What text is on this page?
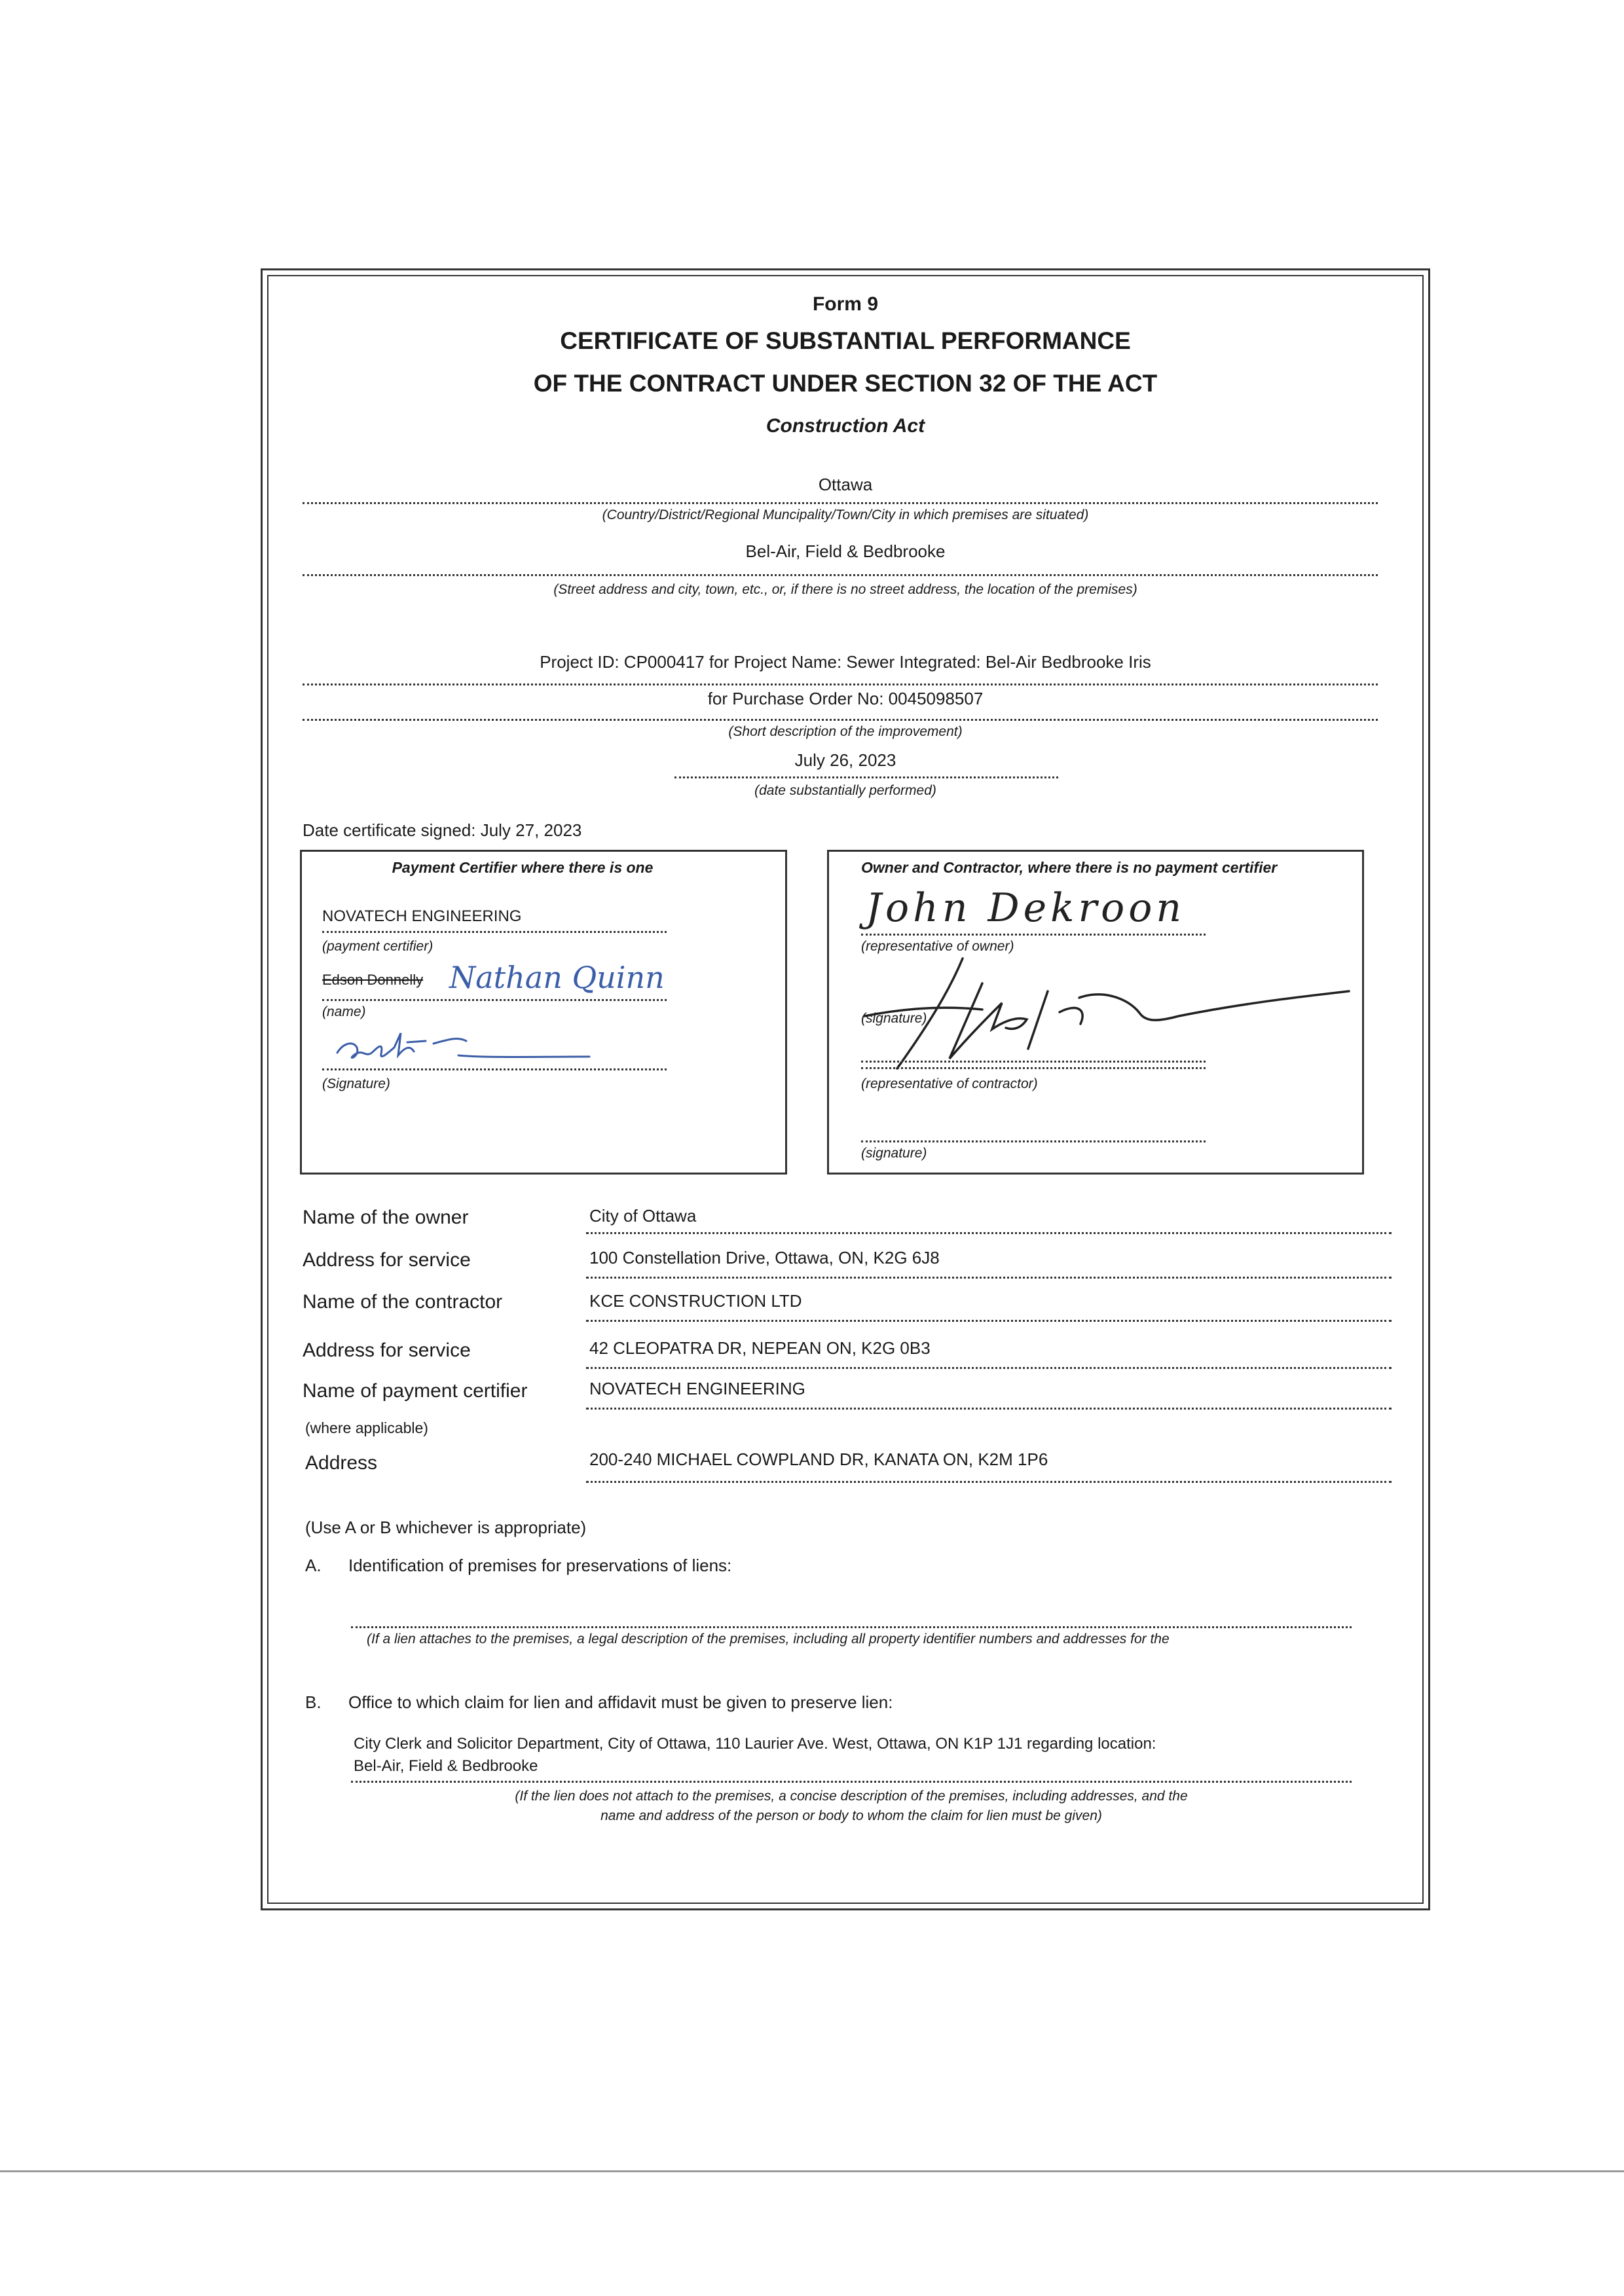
Form 9
CERTIFICATE OF SUBSTANTIAL PERFORMANCE
OF THE CONTRACT UNDER SECTION 32 OF THE ACT
Construction Act
Ottawa
(Country/District/Regional Muncipality/Town/City in which premises are situated)
Bel-Air, Field & Bedbrooke
(Street address and city, town, etc., or, if there is no street address, the location of the premises)
Project ID: CP000417 for Project Name: Sewer Integrated: Bel-Air Bedbrooke Iris
for Purchase Order No: 0045098507
(Short description of the improvement)
July 26, 2023
(date substantially performed)
Date certificate signed: July 27, 2023
Payment Certifier where there is one
NOVATECH ENGINEERING
(payment certifier)
Edson Donnelly Nathan Quinn
(name)
(Signature)
Owner and Contractor, where there is no payment certifier
John Dekroon
(representative of owner)
(signature)
(representative of contractor)
(signature)
Name of the owner	City of Ottawa
Address for service	100 Constellation Drive, Ottawa, ON, K2G 6J8
Name of the contractor	KCE CONSTRUCTION LTD
Address for service	42 CLEOPATRA DR, NEPEAN ON, K2G 0B3
Name of payment certifier	NOVATECH ENGINEERING
(where applicable)
Address	200-240 MICHAEL COWPLAND DR, KANATA ON, K2M 1P6
(Use A or B whichever is appropriate)
A. Identification of premises for preservations of liens:
(If a lien attaches to the premises, a legal description of the premises, including all property identifier numbers and addresses for the
B. Office to which claim for lien and affidavit must be given to preserve lien:
City Clerk and Solicitor Department, City of Ottawa, 110 Laurier Ave. West, Ottawa, ON K1P 1J1 regarding location:
Bel-Air, Field & Bedbrooke
(If the lien does not attach to the premises, a concise description of the premises, including addresses, and the
name and address of the person or body to whom the claim for lien must be given)
